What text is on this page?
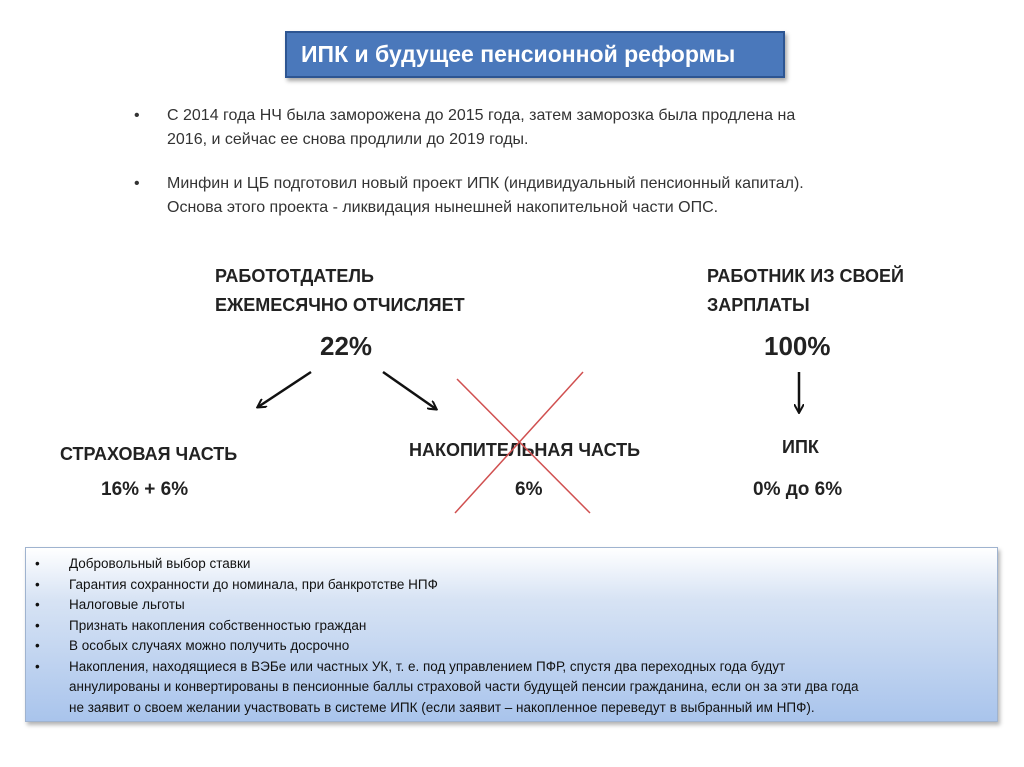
ИПК и будущее пенсионной реформы
• С 2014 года НЧ была заморожена до 2015 года, затем заморозка была продлена на
2016, и сейчас ее снова продлили до 2019 годы.
• Минфин и ЦБ подготовил новый проект ИПК (индивидуальный пенсионный капитал).
Основа этого проекта - ликвидация нынешней накопительной части ОПС.
РАБОТОТДАТЕЛЬ
ЕЖЕМЕСЯЧНО ОТЧИСЛЯЕТ
22%
РАБОТНИК ИЗ СВОЕЙ
ЗАРПЛАТЫ
100%
СТРАХОВАЯ ЧАСТЬ
16% + 6%
НАКОПИТЕЛЬНАЯ ЧАСТЬ
6%
ИПК
0% до 6%
• Добровольный выбор ставки
• Гарантия сохранности до номинала, при банкротстве НПФ
• Налоговые льготы
• Признать накопления собственностью граждан
• В особых случаях можно получить досрочно
• Накопления, находящиеся в ВЭБе или частных УК, т. е. под управлением ПФР, спустя два переходных года будут
аннулированы и конвертированы в пенсионные баллы страховой части будущей пенсии гражданина, если он за эти два года
не заявит о своем желании участвовать в системе ИПК (если заявит – накопленное переведут в выбранный им НПФ).
